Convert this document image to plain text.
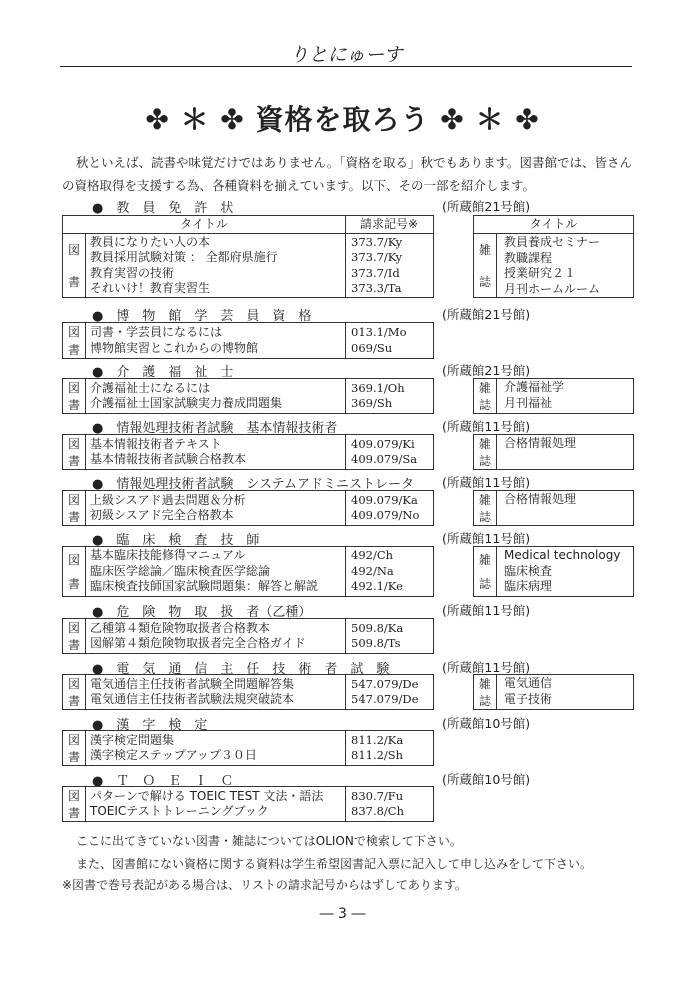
りとにゅーす
✤ ＊ ✤ 資格を取ろう ✤ ＊ ✤
秋といえば、読書や味覚だけではありません。「資格を取る」秋でもあります。図書館では、皆さんの資格取得を支援する為、各種資料を揃えています。以下、その一部を紹介します。
●　教　員　免　許　状	(所蔵館21号館)
図
書
タイトル	請求記号※
教員になりたい人の本	373.7/Ky
教員採用試験対策 ： 全都府県施行	373.7/Ky
教育実習の技術	373.7/Id
それいけ！教育実習生	373.3/Ta
雑
誌
タイトル
教員養成セミナー
教職課程
授業研究２１
月刊ホームルーム
●　博　物　館　学　芸　員　資　格	(所蔵館21号館)
図
書
司書・学芸員になるには	013.1/Mo
博物館実習とこれからの博物館	069/Su
●　介　護　福　祉　士	(所蔵館21号館)
図
書
介護福祉士になるには	369.1/Oh
介護福祉士国家試験実力養成問題集	369/Sh
雑
誌
介護福祉学
月刊福祉
●　情報処理技術者試験　基本情報技術者	(所蔵館11号館)
図
書
基本情報技術者テキスト	409.079/Ki
基本情報技術者試験合格教本	409.079/Sa
雑
誌
合格情報処理
●　情報処理技術者試験　システムアドミニストレータ (所蔵館11号館)
図
書
上級シスアド過去問題＆分析	409.079/Ka
初級シスアド完全合格教本	409.079/No
雑
誌
合格情報処理
●　臨　床　検　査　技　師	(所蔵館11号館)
図
書
基本臨床技能修得マニュアル	492/Ch
臨床医学総論／臨床検査医学総論	492/Na
臨床検査技師国家試験問題集：解答と解説	492.1/Ke
雑
誌
Medical technology
臨床検査
臨床病理
●　危　険　物　取　扱　者（乙種）	(所蔵館11号館)
図
書
乙種第４類危険物取扱者合格教本	509.8/Ka
図解第４類危険物取扱者完全合格ガイド	509.8/Ts
●　電　気　通　信　主　任　技　術　者　試　験	(所蔵館11号館)
図
書
電気通信主任技術者試験全問題解答集	547.079/De
電気通信主任技術者試験法規突破読本	547.079/De
雑
誌
電気通信
電子技術
●　漢　字　検　定	(所蔵館10号館)
図
書
漢字検定問題集	811.2/Ka
漢字検定ステップアップ３０日	811.2/Sh
●　Ｔ　Ｏ　Ｅ　Ｉ　Ｃ	(所蔵館10号館)
図
書
パターンで解ける TOEIC TEST 文法・語法 830.7/Fu
TOEICテストトレーニングブック	837.8/Ch
ここに出てきていない図書・雑誌についてはOLIONで検索して下さい。
また、図書館にない資格に関する資料は学生希望図書記入票に記入して申し込みをして下さい。
※図書で巻号表記がある場合は、リストの請求記号からはずしてあります。
― 3 ―
